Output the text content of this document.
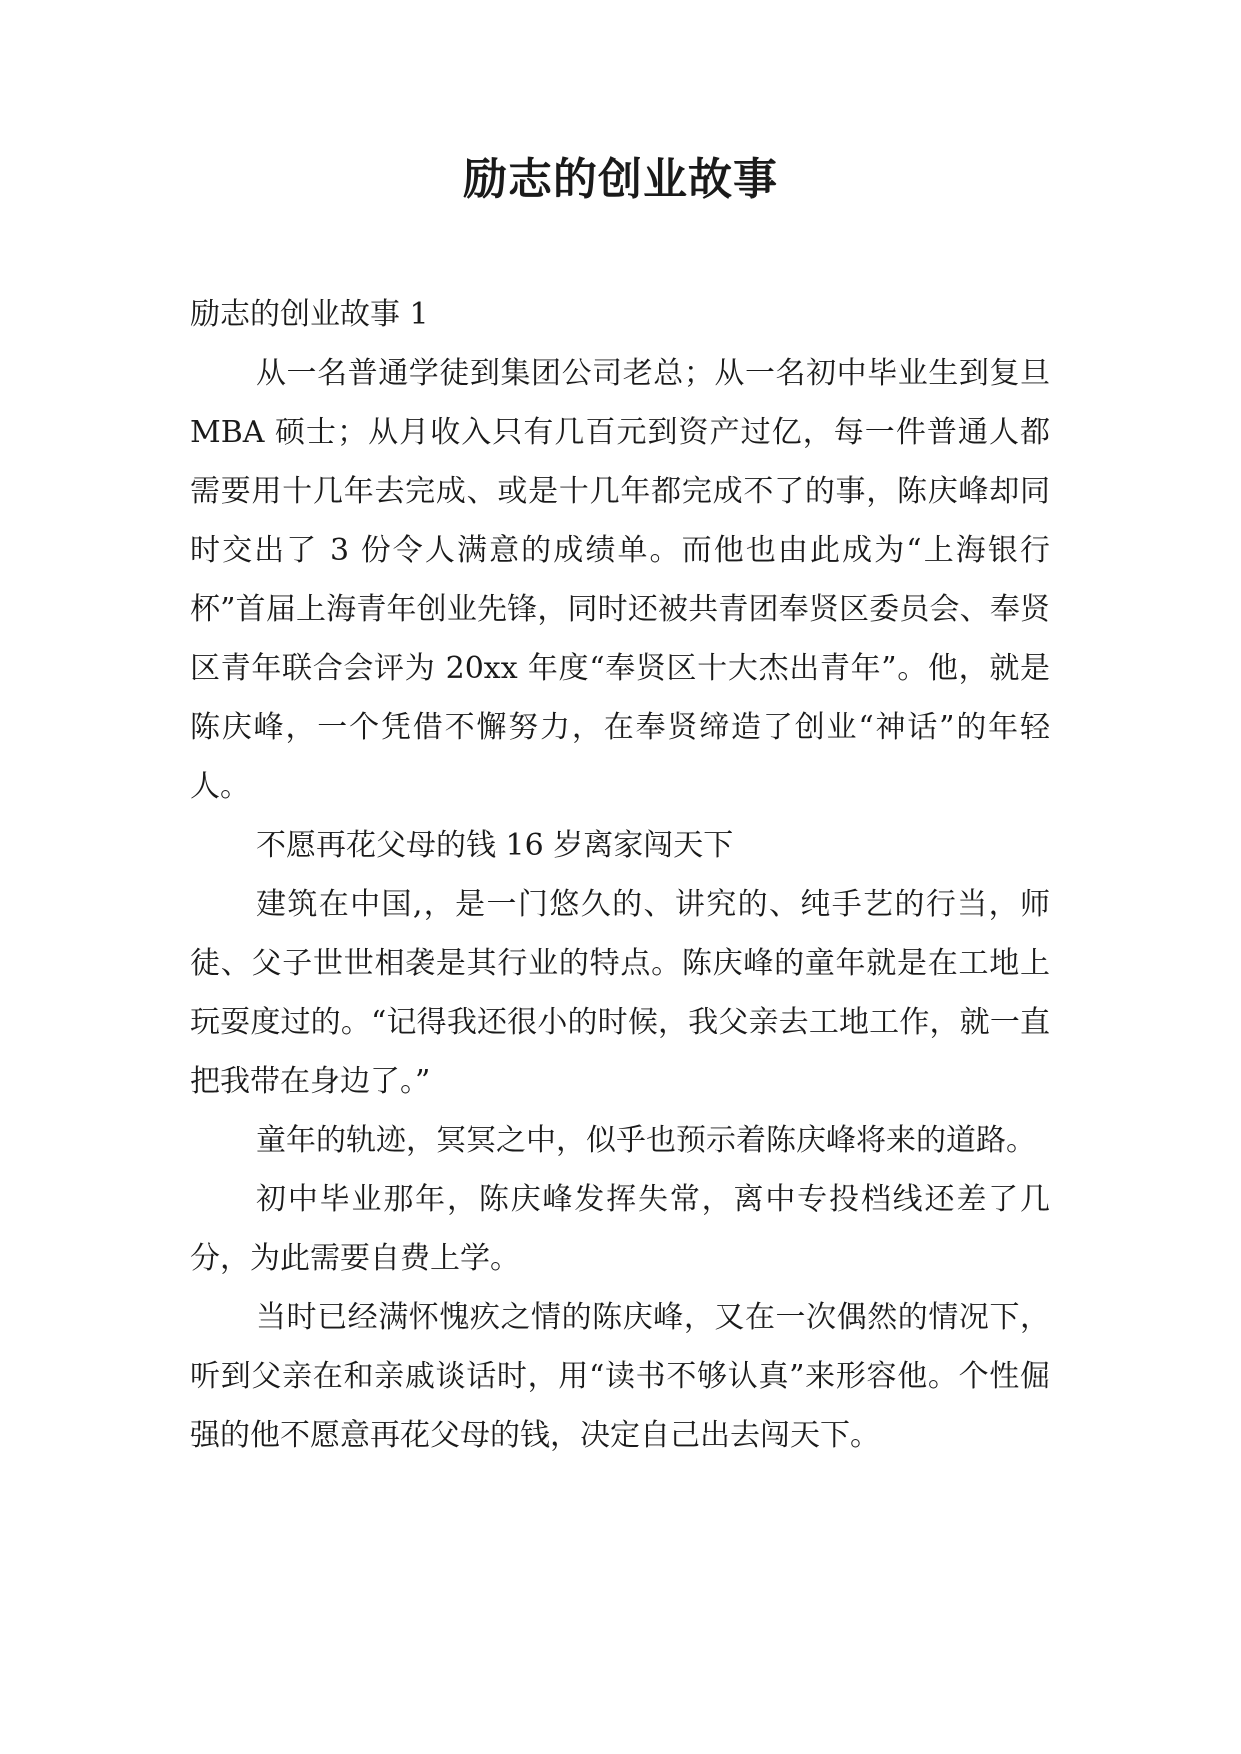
励志的创业故事

励志的创业故事 1

从一名普通学徒到集团公司老总；从一名初中毕业生到复旦 MBA 硕士；从月收入只有几百元到资产过亿，每一件普通人都需要用十几年去完成、或是十几年都完成不了的事，陈庆峰却同时交出了 3 份令人满意的成绩单。而他也由此成为“上海银行杯”首届上海青年创业先锋，同时还被共青团奉贤区委员会、奉贤区青年联合会评为 20xx 年度“奉贤区十大杰出青年”。他，就是陈庆峰，一个凭借不懈努力，在奉贤缔造了创业“神话”的年轻人。

不愿再花父母的钱 16 岁离家闯天下

建筑在中国,，是一门悠久的、讲究的、纯手艺的行当，师徒、父子世世相袭是其行业的特点。陈庆峰的童年就是在工地上玩耍度过的。“记得我还很小的时候，我父亲去工地工作，就一直把我带在身边了。”

童年的轨迹，冥冥之中，似乎也预示着陈庆峰将来的道路。

初中毕业那年，陈庆峰发挥失常，离中专投档线还差了几分，为此需要自费上学。

当时已经满怀愧疚之情的陈庆峰，又在一次偶然的情况下，听到父亲在和亲戚谈话时，用“读书不够认真”来形容他。个性倔强的他不愿意再花父母的钱，决定自己出去闯天下。
